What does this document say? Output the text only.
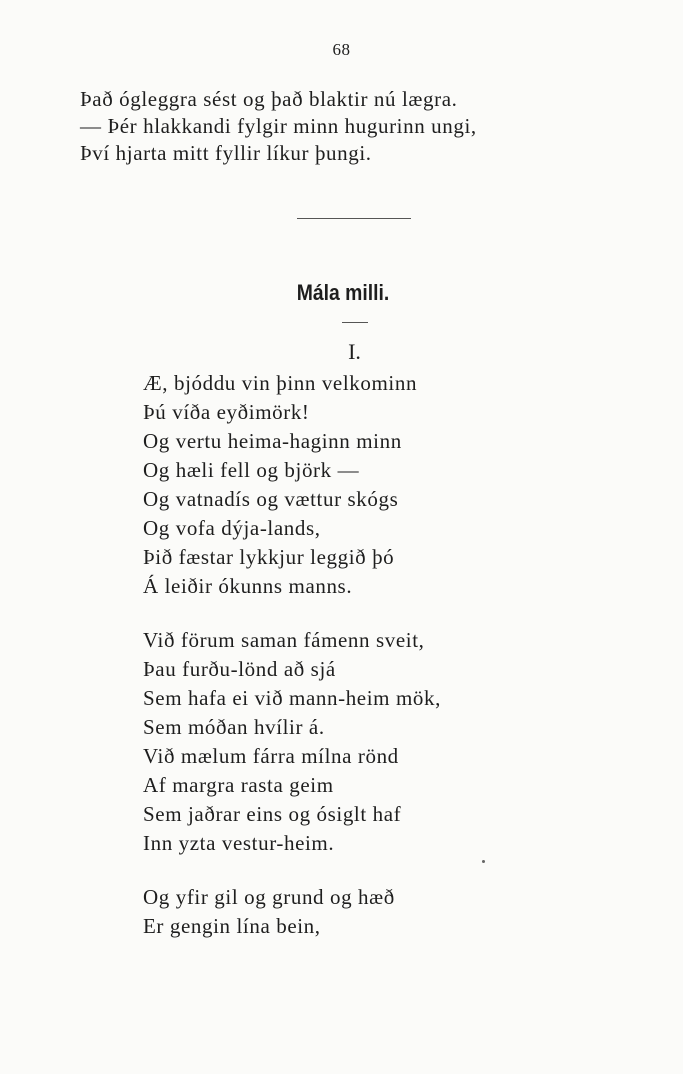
68
Það ógleggra sést og það blaktir nú lægra.
— Þér hlakkandi fylgir minn hugurinn ungi,
Því hjarta mitt fyllir líkur þungi.
Mála milli.
I.
Æ, bjóddu vin þinn velkominn
Þú víða eyðimörk!
Og vertu heima-haginn minn
Og hæli fell og björk —
Og vatnadís og vættur skógs
Og vofa dýja-lands,
Þið fæstar lykkjur leggið þó
Á leiðir ókunns manns.
Við förum saman fámenn sveit,
Þau furðu-lönd að sjá
Sem hafa ei við mann-heim mök,
Sem móðan hvílir á.
Við mælum fárra mílna rönd
Af margra rasta geim
Sem jaðrar eins og ósiglt haf
Inn yzta vestur-heim.
Og yfir gil og grund og hæð
Er gengin lína bein,
